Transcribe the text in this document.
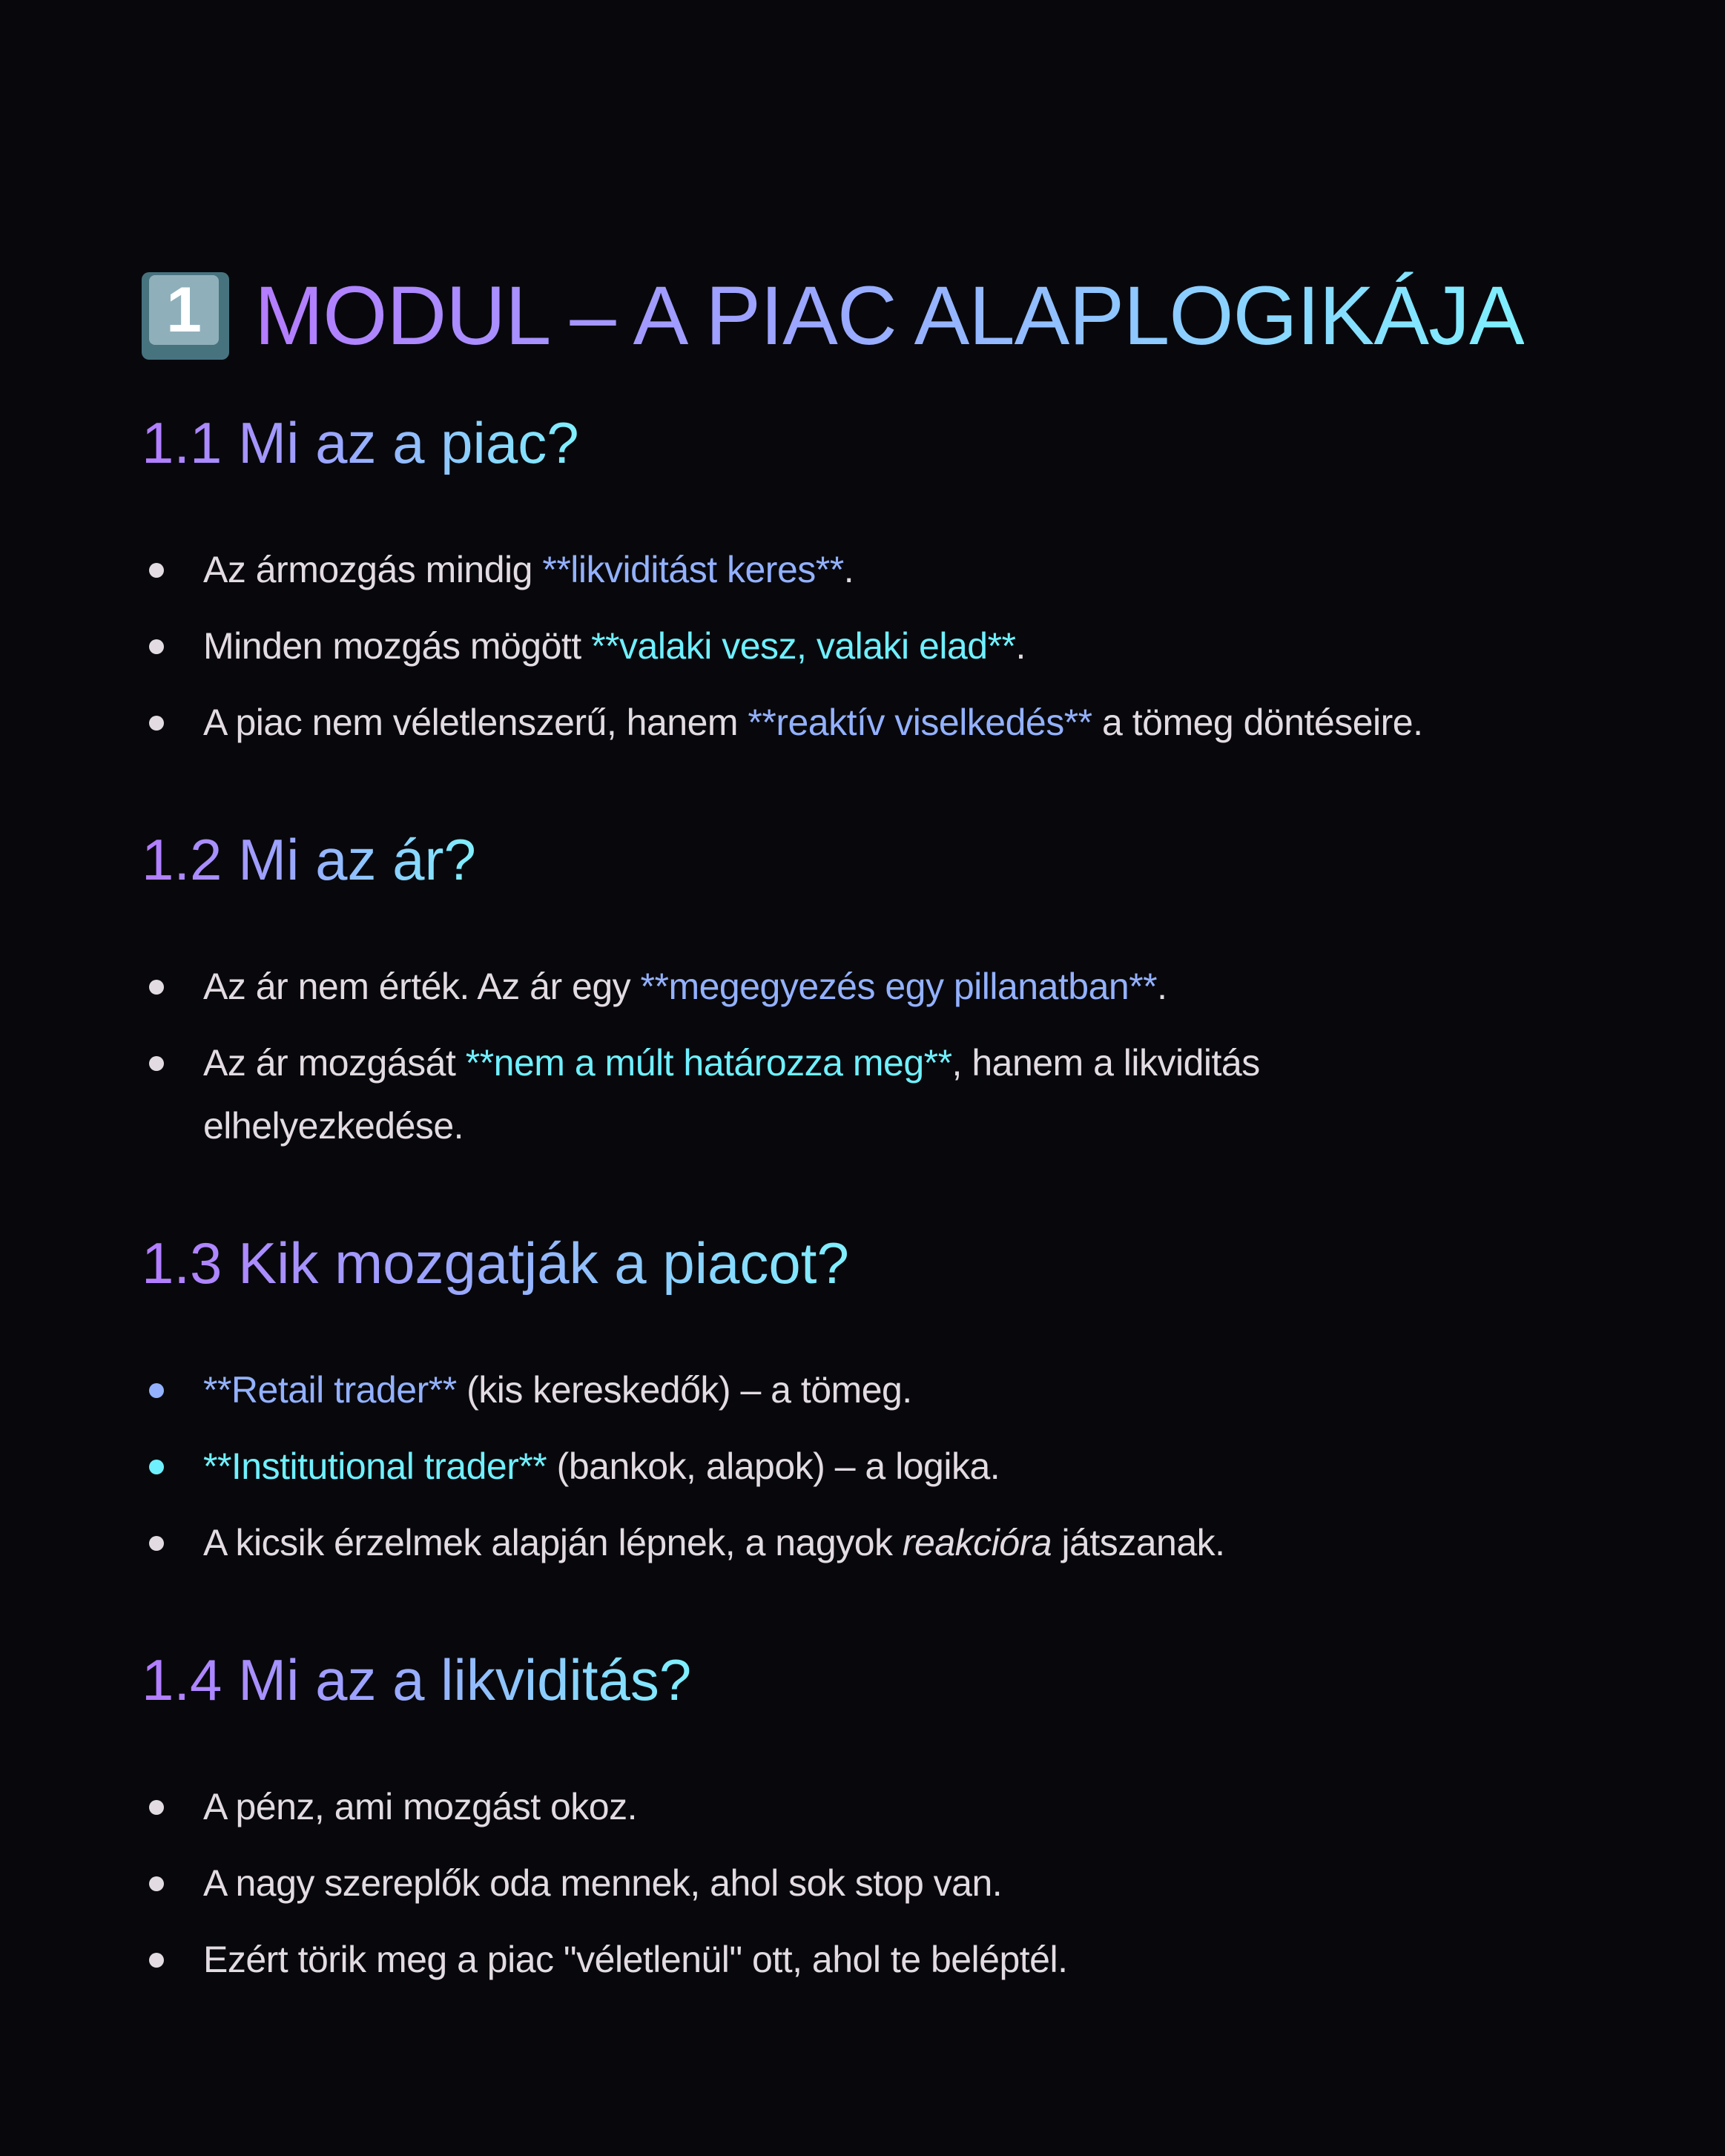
1 MODUL – A PIAC ALAPLOGIKÁJA
1.1 Mi az a piac?
Az ármozgás mindig **likviditást keres**.
Minden mozgás mögött **valaki vesz, valaki elad**.
A piac nem véletlenszerű, hanem **reaktív viselkedés** a tömeg döntéseire.
1.2 Mi az ár?
Az ár nem érték. Az ár egy **megegyezés egy pillanatban**.
Az ár mozgását **nem a múlt határozza meg**, hanem a likviditás
elhelyezkedése.
1.3 Kik mozgatják a piacot?
**Retail trader** (kis kereskedők) – a tömeg.
**Institutional trader** (bankok, alapok) – a logika.
A kicsik érzelmek alapján lépnek, a nagyok reakcióra játszanak.
1.4 Mi az a likviditás?
A pénz, ami mozgást okoz.
A nagy szereplők oda mennek, ahol sok stop van.
Ezért törik meg a piac "véletlenül" ott, ahol te beléptél.
